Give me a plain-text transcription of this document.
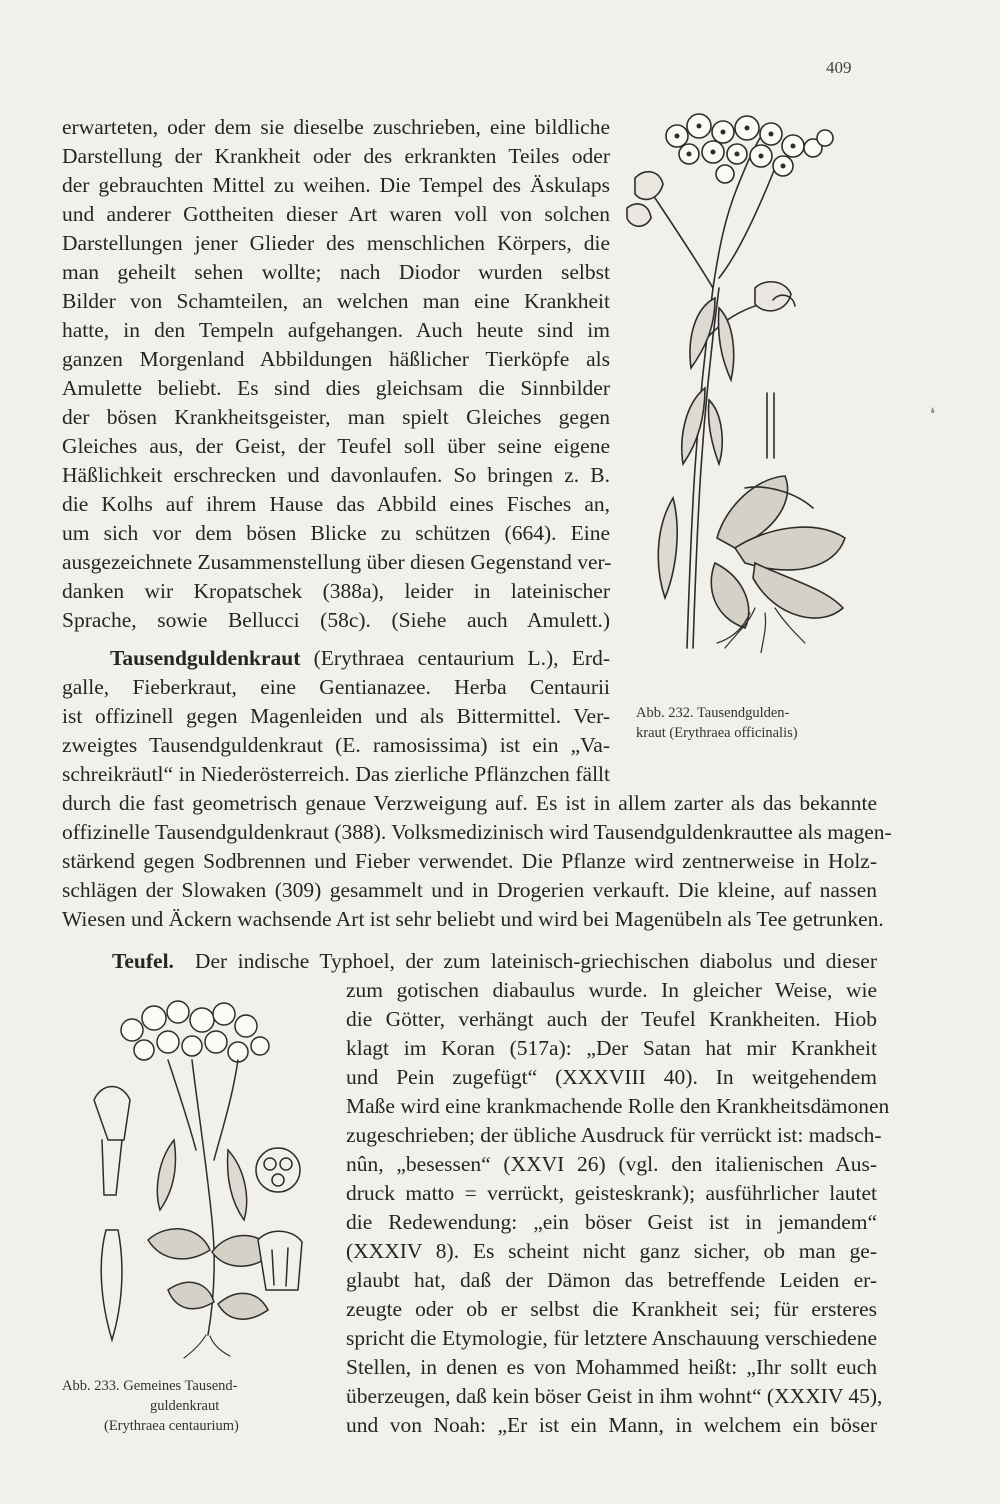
409
erwarteten, oder dem sie dieselbe zuschrieben, eine bildliche
Darstellung der Krankheit oder des erkrankten Teiles oder
der gebrauchten Mittel zu weihen. Die Tempel des Äskulaps
und anderer Gottheiten dieser Art waren voll von solchen
Darstellungen jener Glieder des menschlichen Körpers, die
man geheilt sehen wollte; nach Diodor wurden selbst
Bilder von Schamteilen, an welchen man eine Krankheit
hatte, in den Tempeln aufgehangen. Auch heute sind im
ganzen Morgenland Abbildungen häßlicher Tierköpfe als
Amulette beliebt. Es sind dies gleichsam die Sinnbilder
der bösen Krankheitsgeister, man spielt Gleiches gegen
Gleiches aus, der Geist, der Teufel soll über seine eigene
Häßlichkeit erschrecken und davonlaufen. So bringen z. B.
die Kolhs auf ihrem Hause das Abbild eines Fisches an,
um sich vor dem bösen Blicke zu schützen (664). Eine
ausgezeichnete Zusammenstellung über diesen Gegenstand ver-
danken wir Kropatschek (388a), leider in lateinischer
Sprache, sowie Bellucci (58c). (Siehe auch Amulett.)
Abb. 232. Tausendgulden-
kraut (Erythraea officinalis)
❛
Tausendguldenkraut (Erythraea centaurium L.), Erd-
galle, Fieberkraut, eine Gentianazee. Herba Centaurii
ist offizinell gegen Magenleiden und als Bittermittel. Ver-
zweigtes Tausendguldenkraut (E. ramosissima) ist ein „Va-
schreikräutl“ in Niederösterreich. Das zierliche Pflänzchen fällt
durch die fast geometrisch genaue Verzweigung auf. Es ist in allem zarter als das bekannte
offizinelle Tausendguldenkraut (388). Volksmedizinisch wird Tausendguldenkrauttee als magen-
stärkend gegen Sodbrennen und Fieber verwendet. Die Pflanze wird zentnerweise in Holz-
schlägen der Slowaken (309) gesammelt und in Drogerien verkauft. Die kleine, auf nassen
Wiesen und Äckern wachsende Art ist sehr beliebt und wird bei Magenübeln als Tee getrunken.
Teufel. Der indische Typhoel, der zum lateinisch-griechischen diabolus und dieser
zum gotischen diabaulus wurde. In gleicher Weise, wie
die Götter, verhängt auch der Teufel Krankheiten. Hiob
klagt im Koran (517a): „Der Satan hat mir Krankheit
und Pein zugefügt“ (XXXVIII 40). In weitgehendem
Maße wird eine krankmachende Rolle den Krankheitsdämonen
zugeschrieben; der übliche Ausdruck für verrückt ist: madsch-
nûn, „besessen“ (XXVI 26) (vgl. den italienischen Aus-
druck matto = verrückt, geisteskrank); ausführlicher lautet
die Redewendung: „ein böser Geist ist in jemandem“
(XXXIV 8). Es scheint nicht ganz sicher, ob man ge-
glaubt hat, daß der Dämon das betreffende Leiden er-
zeugte oder ob er selbst die Krankheit sei; für ersteres
spricht die Etymologie, für letztere Anschauung verschiedene
Stellen, in denen es von Mohammed heißt: „Ihr sollt euch
überzeugen, daß kein böser Geist in ihm wohnt“ (XXXIV 45),
und von Noah: „Er ist ein Mann, in welchem ein böser
Abb. 233. Gemeines Tausend-
guldenkraut
(Erythraea centaurium)
